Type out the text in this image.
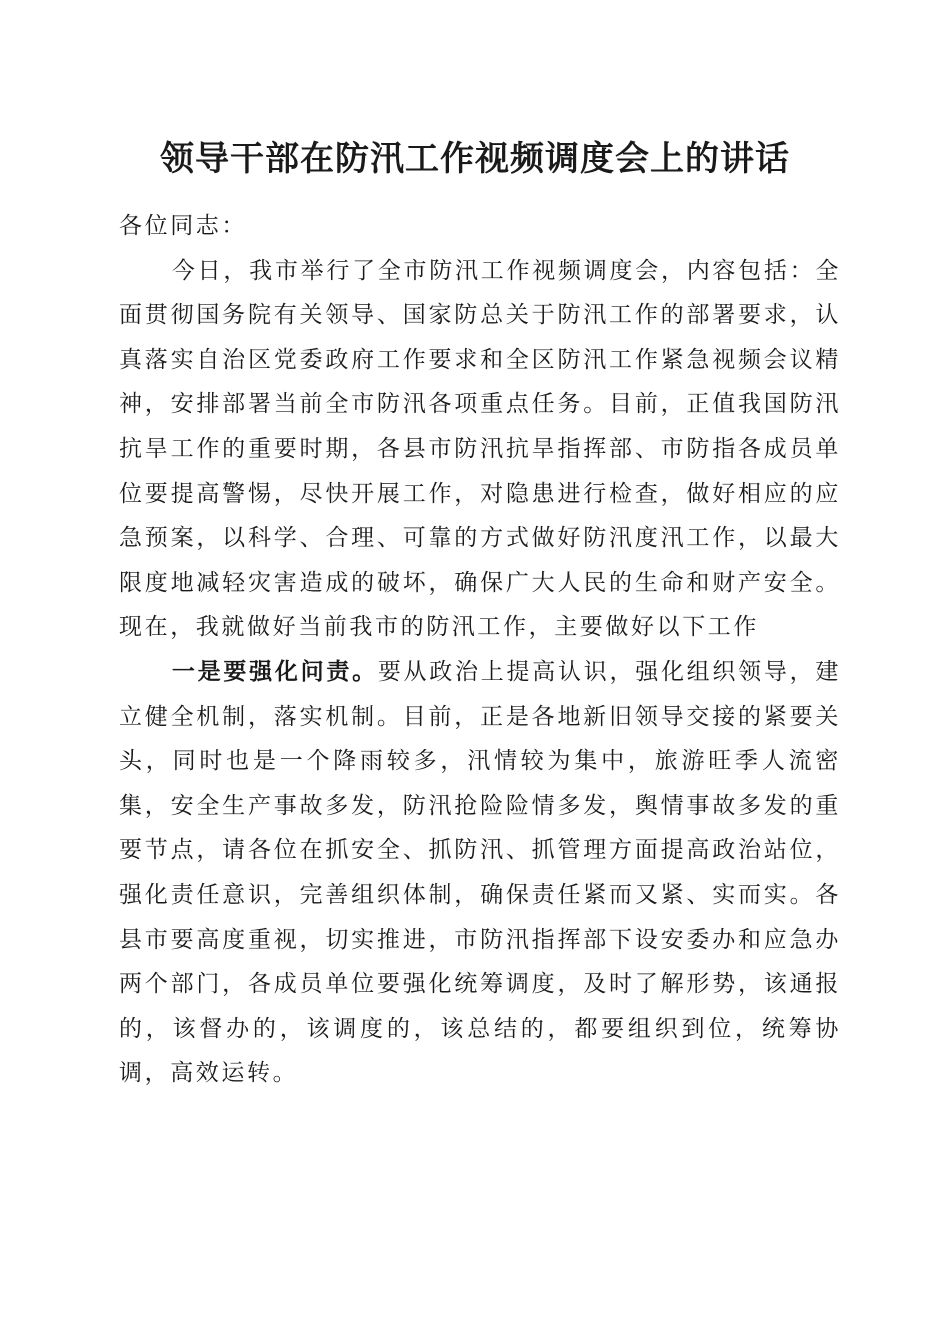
领导干部在防汛工作视频调度会上的讲话

各位同志：

今日，我市举行了全市防汛工作视频调度会，内容包括：全面贯彻国务院有关领导、国家防总关于防汛工作的部署要求，认真落实自治区党委政府工作要求和全区防汛工作紧急视频会议精神，安排部署当前全市防汛各项重点任务。目前，正值我国防汛抗旱工作的重要时期，各县市防汛抗旱指挥部、市防指各成员单位要提高警惕，尽快开展工作，对隐患进行检查，做好相应的应急预案，以科学、合理、可靠的方式做好防汛度汛工作，以最大限度地减轻灾害造成的破坏，确保广大人民的生命和财产安全。现在，我就做好当前我市的防汛工作，主要做好以下工作

一是要强化问责。要从政治上提高认识，强化组织领导，建立健全机制，落实机制。目前，正是各地新旧领导交接的紧要关头，同时也是一个降雨较多，汛情较为集中，旅游旺季人流密集，安全生产事故多发，防汛抢险险情多发，舆情事故多发的重要节点，请各位在抓安全、抓防汛、抓管理方面提高政治站位，强化责任意识，完善组织体制，确保责任紧而又紧、实而实。各县市要高度重视，切实推进，市防汛指挥部下设安委办和应急办两个部门，各成员单位要强化统筹调度，及时了解形势，该通报的，该督办的，该调度的，该总结的，都要组织到位，统筹协调，高效运转。
